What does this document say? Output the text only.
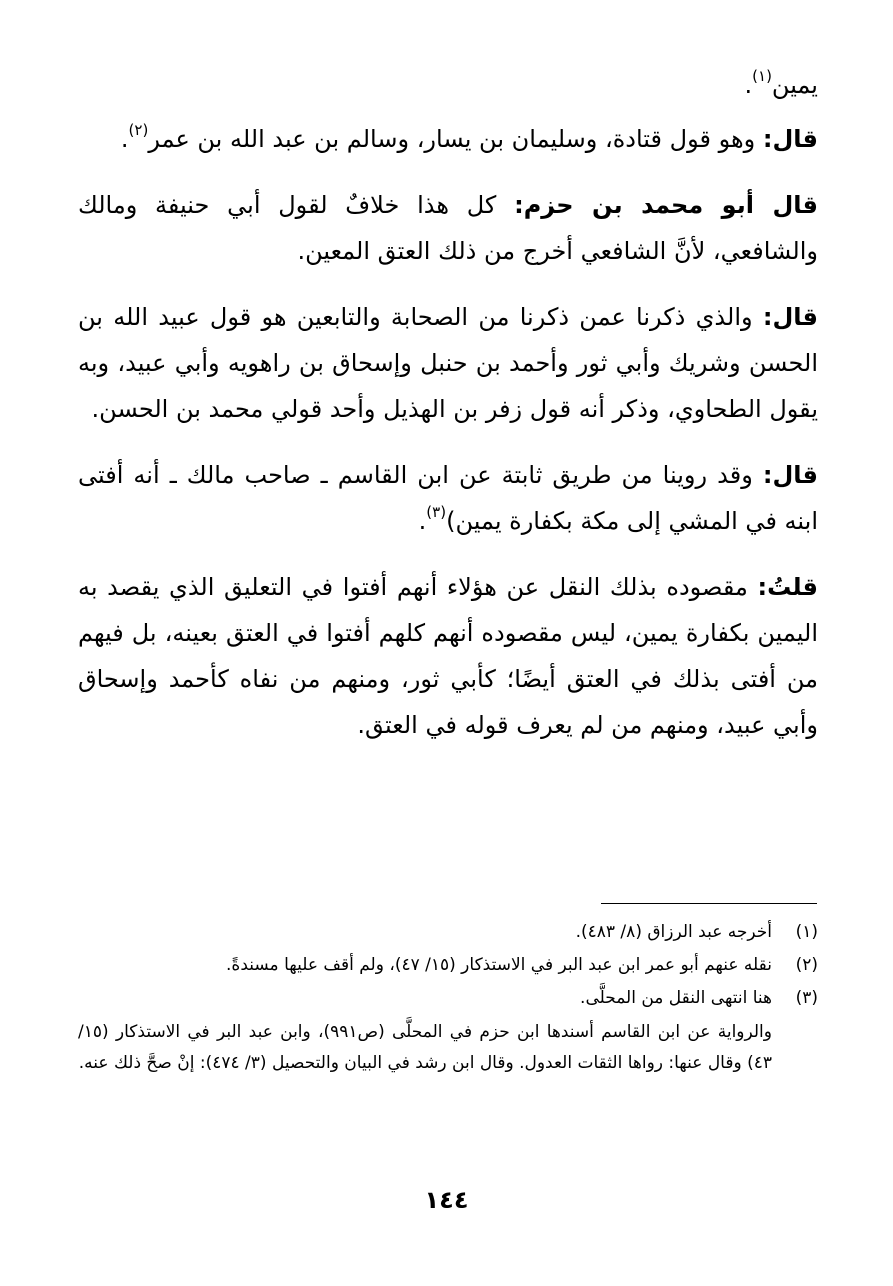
يمين$^{(١)}$.

قال: وهو قول قتادة، وسليمان بن يسار، وسالم بن عبد الله بن عمر$^{(٢)}$.

قال أبو محمد بن حزم: كل هذا خلافٌ لقول أبي حنيفة ومالك والشافعي، لأنَّ الشافعي أخرج من ذلك العتق المعين.

قال: والذي ذكرنا عمن ذكرنا من الصحابة والتابعين هو قول عبيد الله بن الحسن وشريك وأبي ثور وأحمد بن حنبل وإسحاق بن راهويه وأبي عبيد، وبه يقول الطحاوي، وذكر أنه قول زفر بن الهذيل وأحد قولي محمد بن الحسن.

قال: وقد روينا من طريق ثابتة عن ابن القاسم ـ صاحب مالك ـ أنه أفتى ابنه في المشي إلى مكة بكفارة يمين)$^{(٣)}$.

قلتُ: مقصوده بذلك النقل عن هؤلاء أنهم أفتوا في التعليق الذي يقصد به اليمين بكفارة يمين، ليس مقصوده أنهم كلهم أفتوا في العتق بعينه، بل فيهم من أفتى بذلك في العتق أيضًا؛ كأبي ثور، ومنهم من نفاه كأحمد وإسحاق وأبي عبيد، ومنهم من لم يعرف قوله في العتق.

(١)
أخرجه عبد الرزاق (٨/ ٤٨٣).
(٢)
نقله عنهم أبو عمر ابن عبد البر في الاستذكار (١٥/ ٤٧)، ولم أقف عليها مسندةً.
(٣)
هنا انتهى النقل من المحلَّى.
والرواية عن ابن القاسم أسندها ابن حزم في المحلَّى (ص٩٩١)، وابن عبد البر في الاستذكار (١٥/ ٤٣) وقال عنها: رواها الثقات العدول. وقال ابن رشد في البيان والتحصيل (٣/ ٤٧٤): إنْ صحَّ ذلك عنه.
١٤٤
